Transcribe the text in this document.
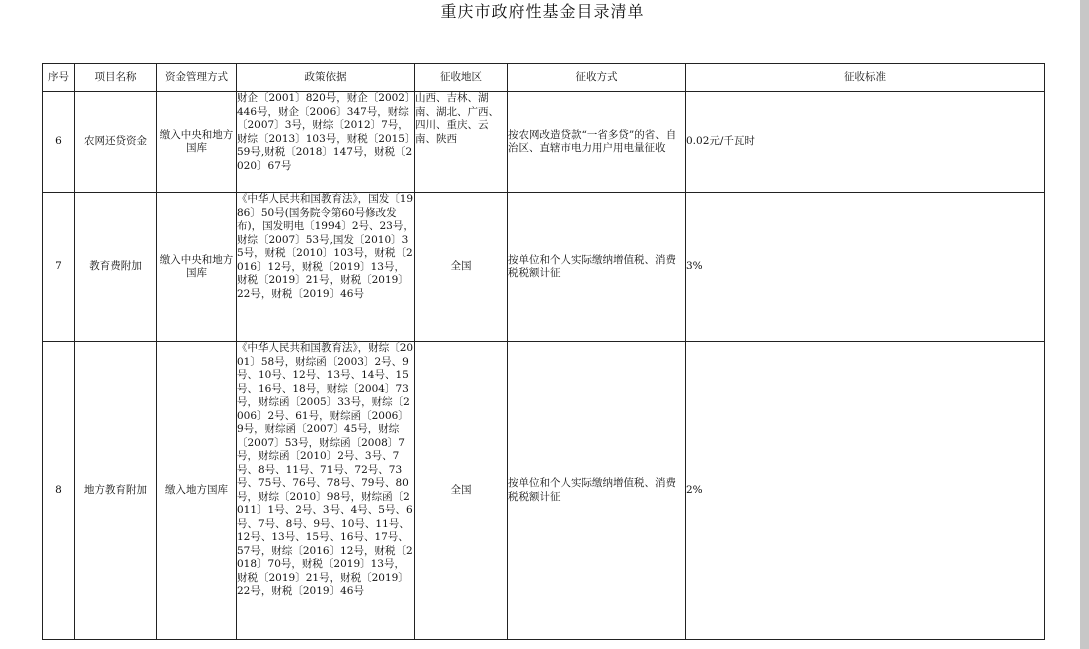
重庆市政府性基金目录清单
序号	项目名称	资金管理方式	政策依据	征收地区	征收方式	征收标准
6	农网还贷资金	缴入中央和地方国库	财企〔2001〕820号，财企〔2002〕446号，财企〔2006〕347号，财综〔2007〕3号，财综〔2012〕7号，财综〔2013〕103号，财税〔2015〕59号,财税〔2018〕147号，财税〔2020〕67号	山西、吉林、湖南、湖北、广西、四川、重庆、云南、陕西	按农网改造贷款“一省多贷”的省、自治区、直辖市电力用户用电量征收	0.02元/千瓦时
7	教育费附加	缴入中央和地方国库	《中华人民共和国教育法》，国发〔1986〕50号(国务院令第60号修改发布)，国发明电〔1994〕2号、23号，财综〔2007〕53号,国发〔2010〕35号，财税〔2010〕103号，财税〔2016〕12号，财税〔2019〕13号，财税〔2019〕21号，财税〔2019〕22号，财税〔2019〕46号	全国	按单位和个人实际缴纳增值税、消费税税额计征	3%
8	地方教育附加	缴入地方国库	《中华人民共和国教育法》，财综〔2001〕58号，财综函〔2003〕2号、9号、10号、12号、13号、14号、15号、16号、18号，财综〔2004〕73号，财综函〔2005〕33号，财综〔2006〕2号、61号，财综函〔2006〕9号，财综函〔2007〕45号，财综〔2007〕53号，财综函〔2008〕7号，财综函〔2010〕2号、3号、7号、8号、11号、71号、72号、73号、75号、76号、78号、79号、80号，财综〔2010〕98号，财综函〔2011〕1号、2号、3号、4号、5号、6号、7号、8号、9号、10号、11号、12号、13号、15号、16号、17号、57号，财综〔2016〕12号，财税〔2018〕70号，财税〔2019〕13号，财税〔2019〕21号，财税〔2019〕22号，财税〔2019〕46号	全国	按单位和个人实际缴纳增值税、消费税税额计征	2%
